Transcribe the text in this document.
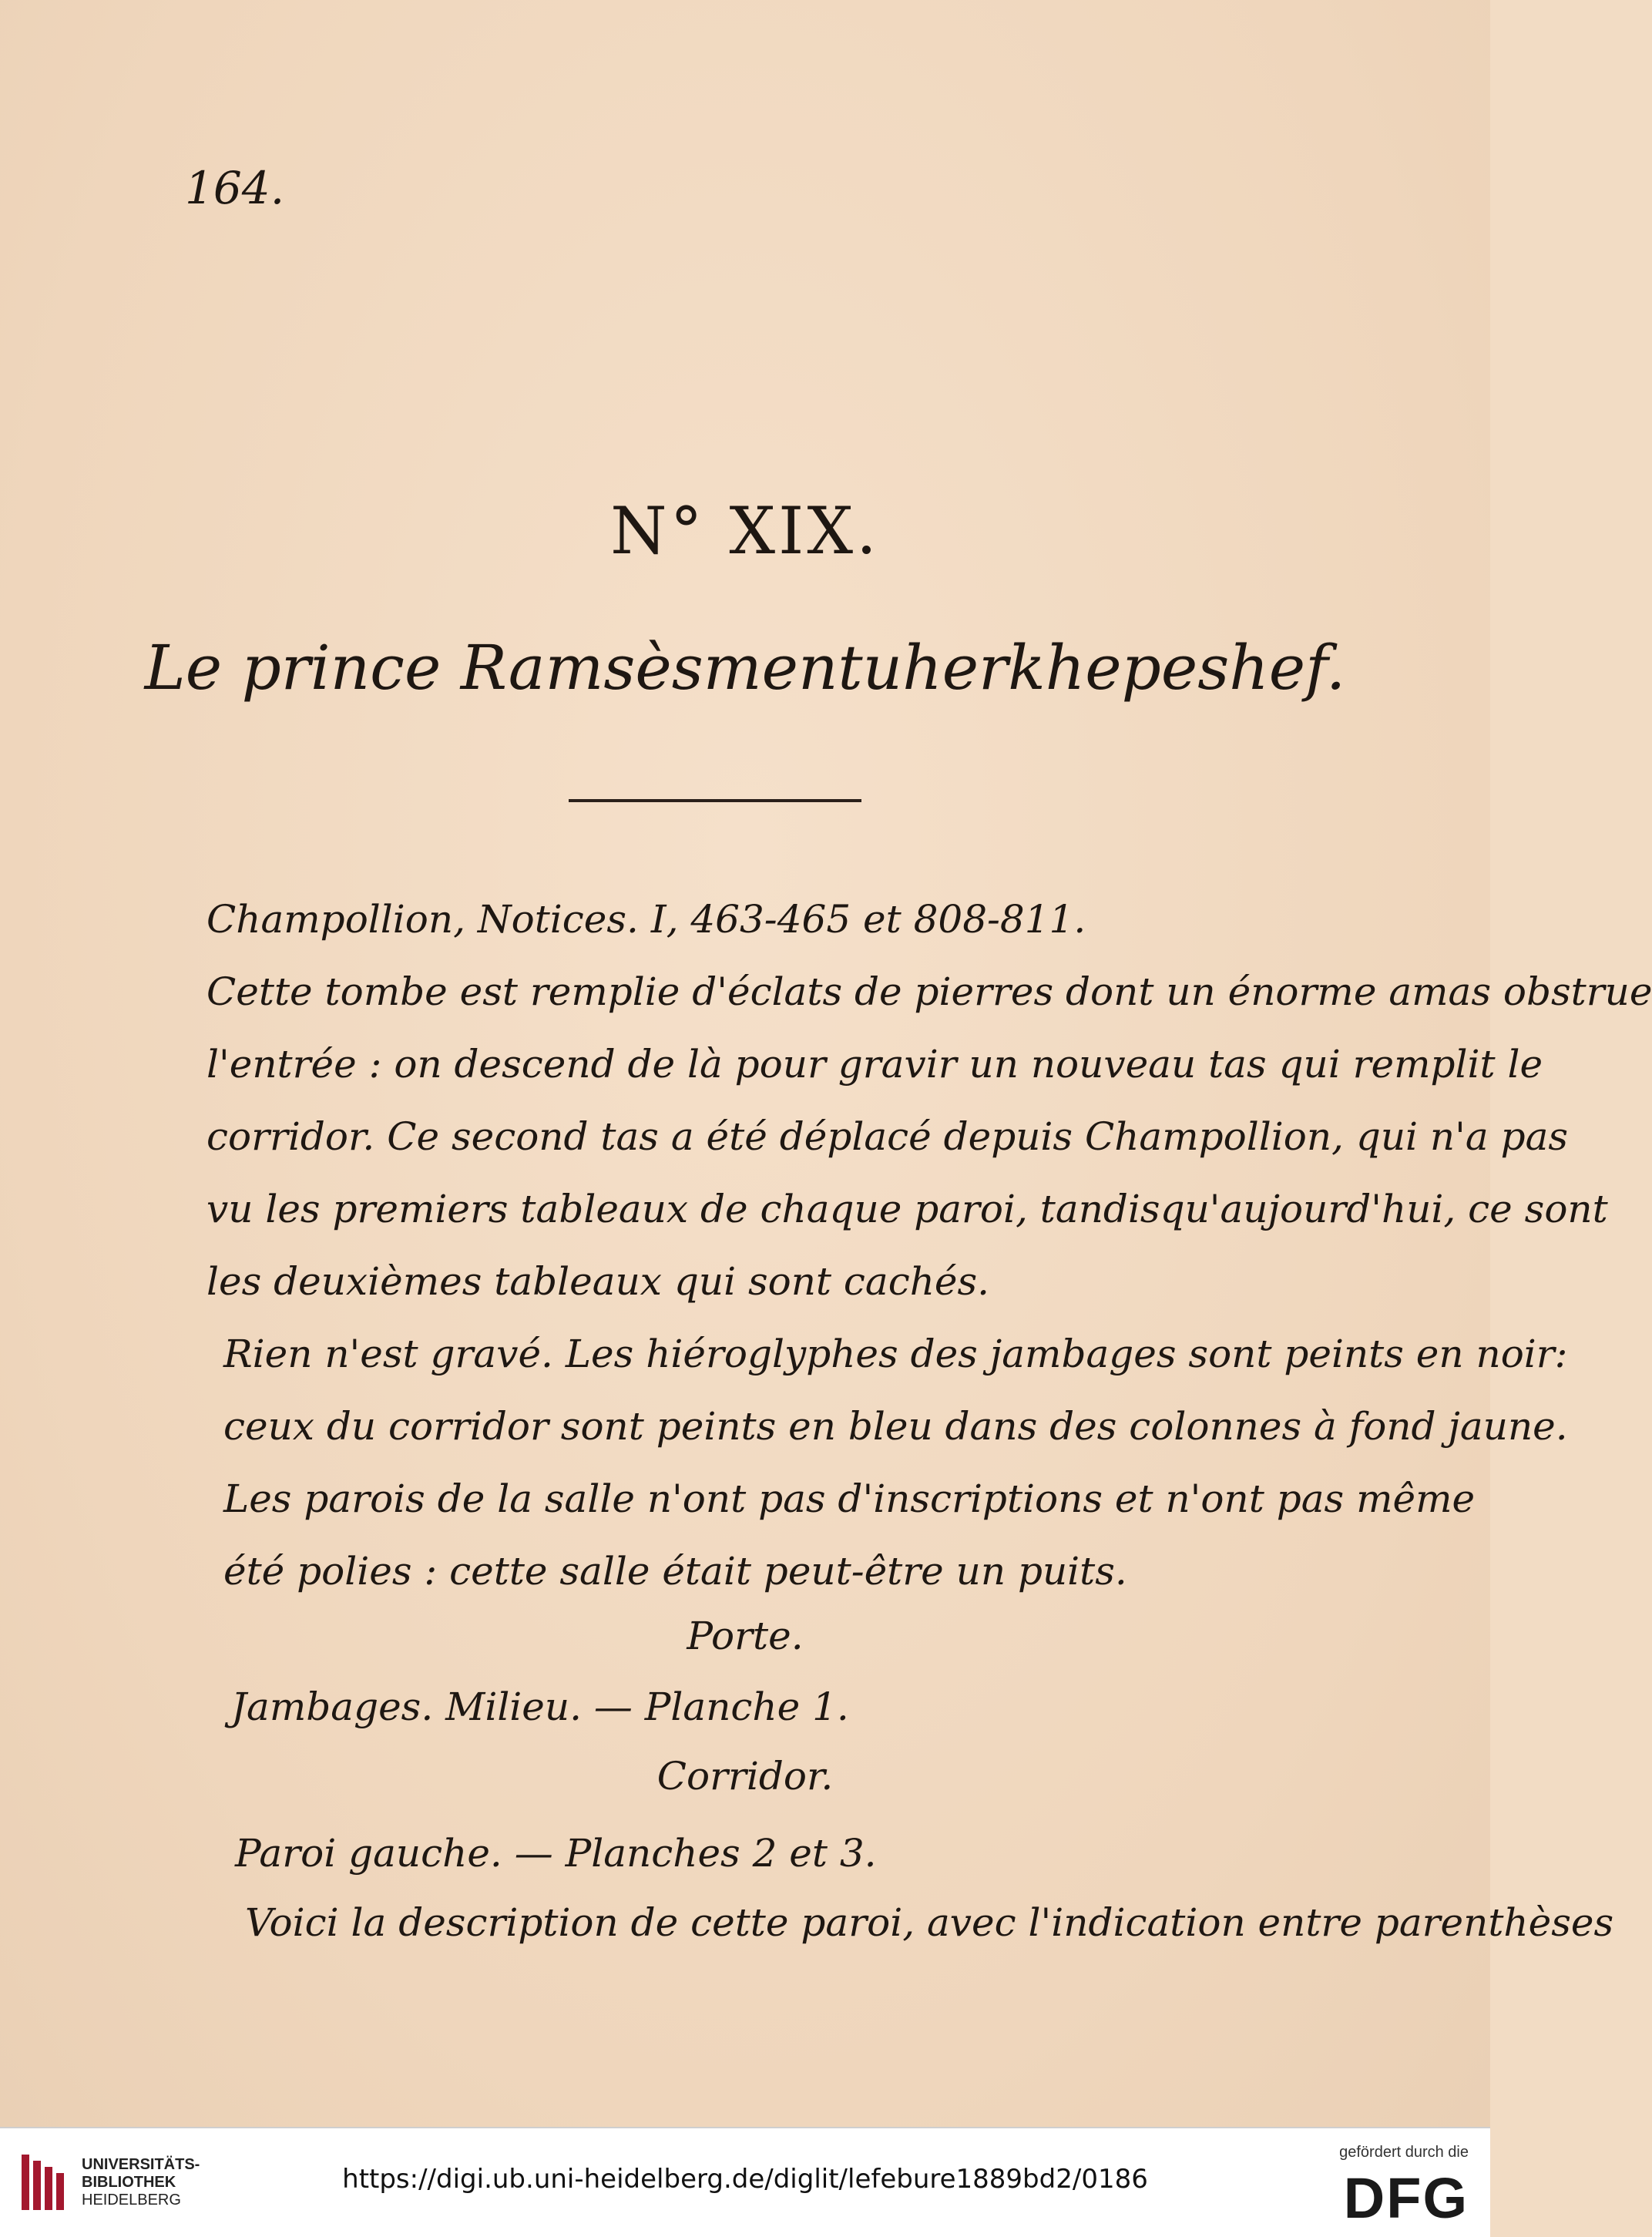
164.
N° XIX.
Le prince Ramsèsmentuherkhepeshef.
Champollion, Notices. I, 463-465 et 808-811.
Cette tombe est remplie d'éclats de pierres dont un énorme amas obstrue
l'entrée : on descend de là pour gravir un nouveau tas qui remplit le
corridor. Ce second tas a été déplacé depuis Champollion, qui n'a pas
vu les premiers tableaux de chaque paroi, tandisqu'aujourd'hui, ce sont
les deuxièmes tableaux qui sont cachés.
Rien n'est gravé. Les hiéroglyphes des jambages sont peints en noir:
ceux du corridor sont peints en bleu dans des colonnes à fond jaune.
Les parois de la salle n'ont pas d'inscriptions et n'ont pas même
été polies : cette salle était peut-être un puits.
Porte.
Jambages. Milieu. — Planche 1.
Corridor.
Paroi gauche. — Planches 2 et 3.
Voici la description de cette paroi, avec l'indication entre parenthèses
UNIVERSITÄTS-
BIBLIOTHEK
HEIDELBERG
https://digi.ub.uni-heidelberg.de/diglit/lefebure1889bd2/0186
gefördert durch die
DFG
